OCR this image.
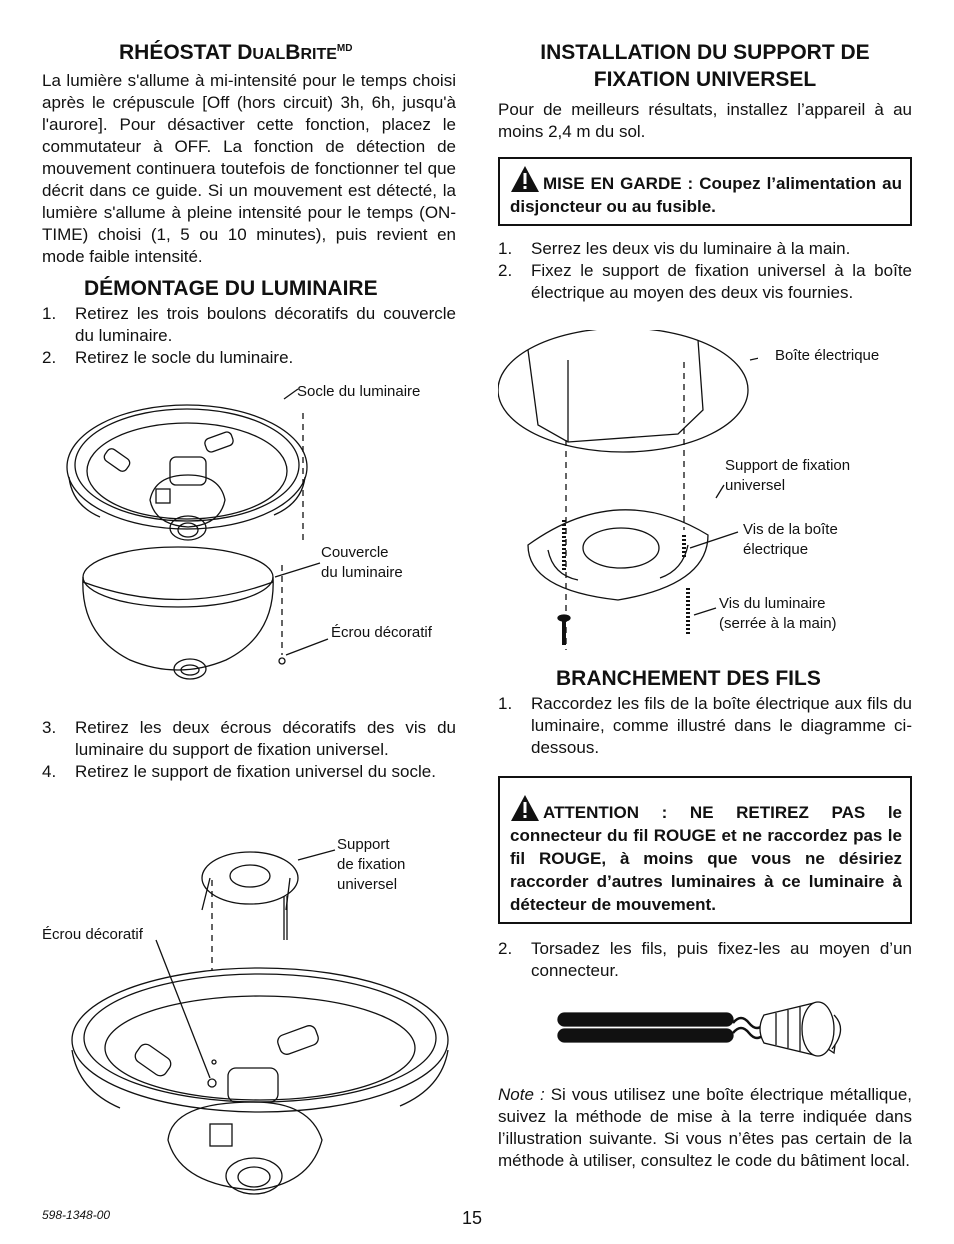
RHÉOSTAT $DUALBRITE^{MD}$

La lumière s'allume à mi-intensité pour le temps choisi après le crépuscule [Off (hors circuit) 3h, 6h, jusqu'à l'aurore]. Pour désactiver cette fonction, placez le commutateur à OFF. La fonction de détection de mouvement continuera toutefois de fonctionner tel que décrit dans ce guide. Si un mouvement est détecté, la lumière s'allume à pleine intensité pour le temps (ON-TIME) choisi (1, 5 ou 10 minutes), puis revient en mode faible intensité.

DÉMONTAGE DU LUMINAIRE
1. Retirez les trois boulons décoratifs du couvercle du luminaire.
2. Retirez le socle du luminaire.
Socle du luminaire
Couvercle
du luminaire
Écrou décoratif
3. Retirez les deux écrous décoratifs des vis du luminaire du support de fixation universel.
4. Retirez le support de fixation universel du socle.
Support
de fixation
universel
Écrou décoratif
INSTALLATION DU SUPPORT DE
FIXATION UNIVERSEL

Pour de meilleurs résultats, installez l’appareil à au moins 2,4 m du sol.

MISE EN GARDE : Coupez l’alimentation au disjoncteur ou au fusible.
1. Serrez les deux vis du luminaire à la main.
2. Fixez le support de fixation universel à la boîte électrique au moyen des deux vis fournies.
Boîte électrique
Support de fixation
universel
Vis de la boîte
électrique
Vis du luminaire
(serrée à la main)
BRANCHEMENT DES FILS
1. Raccordez les fils de la boîte électrique aux fils du luminaire, comme illustré dans le diagramme ci-dessous.
ATTENTION : NE RETIREZ PAS le connecteur du fil ROUGE et ne raccordez pas le fil ROUGE, à moins que vous ne désiriez raccorder d’autres luminaires à ce luminaire à détecteur de mouvement.
2. Torsadez les fils, puis fixez-les au moyen d’un connecteur.

Note : Si vous utilisez une boîte électrique métallique, suivez la méthode de mise à la terre indiquée dans l’illustration suivante. Si vous n’êtes pas certain de la méthode à utiliser, consultez le code du bâtiment local.

598-1348-00	15
